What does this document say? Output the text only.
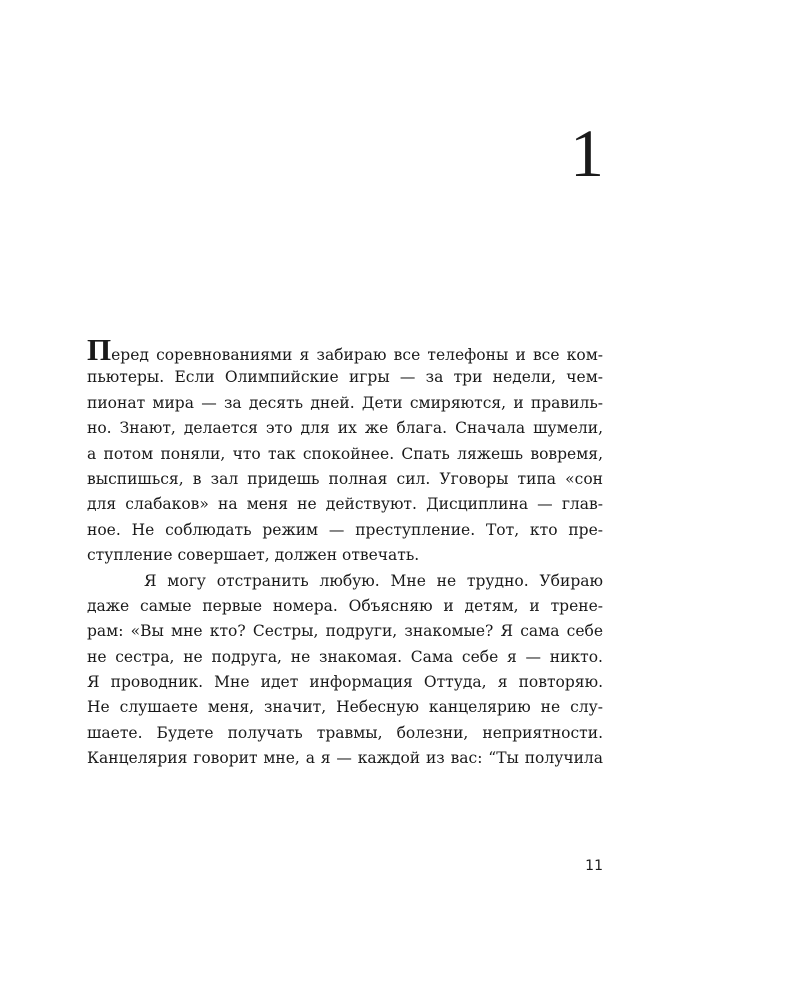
1
Перед соревнованиями я забираю все телефоны и все ком-
пьютеры. Если Олимпийские игры — за три недели, чем-
пионат мира — за десять дней. Дети смиряются, и правиль-
но. Знают, делается это для их же блага. Сначала шумели,
а потом поняли, что так спокойнее. Спать ляжешь вовремя,
выспишься, в зал придешь полная сил. Уговоры типа «сон
для слабаков» на меня не действуют. Дисциплина — глав-
ное. Не соблюдать режим — преступление. Тот, кто пре-
ступление совершает, должен отвечать.
Я могу отстранить любую. Мне не трудно. Убираю
даже самые первые номера. Объясняю и детям, и трене-
рам: «Вы мне кто? Сестры, подруги, знакомые? Я сама себе
не сестра, не подруга, не знакомая. Сама себе я — никто.
Я проводник. Мне идет информация Оттуда, я повторяю.
Не слушаете меня, значит, Небесную канцелярию не слу-
шаете. Будете получать травмы, болезни, неприятности.
Канцелярия говорит мне, а я — каждой из вас: “Ты получила
11
